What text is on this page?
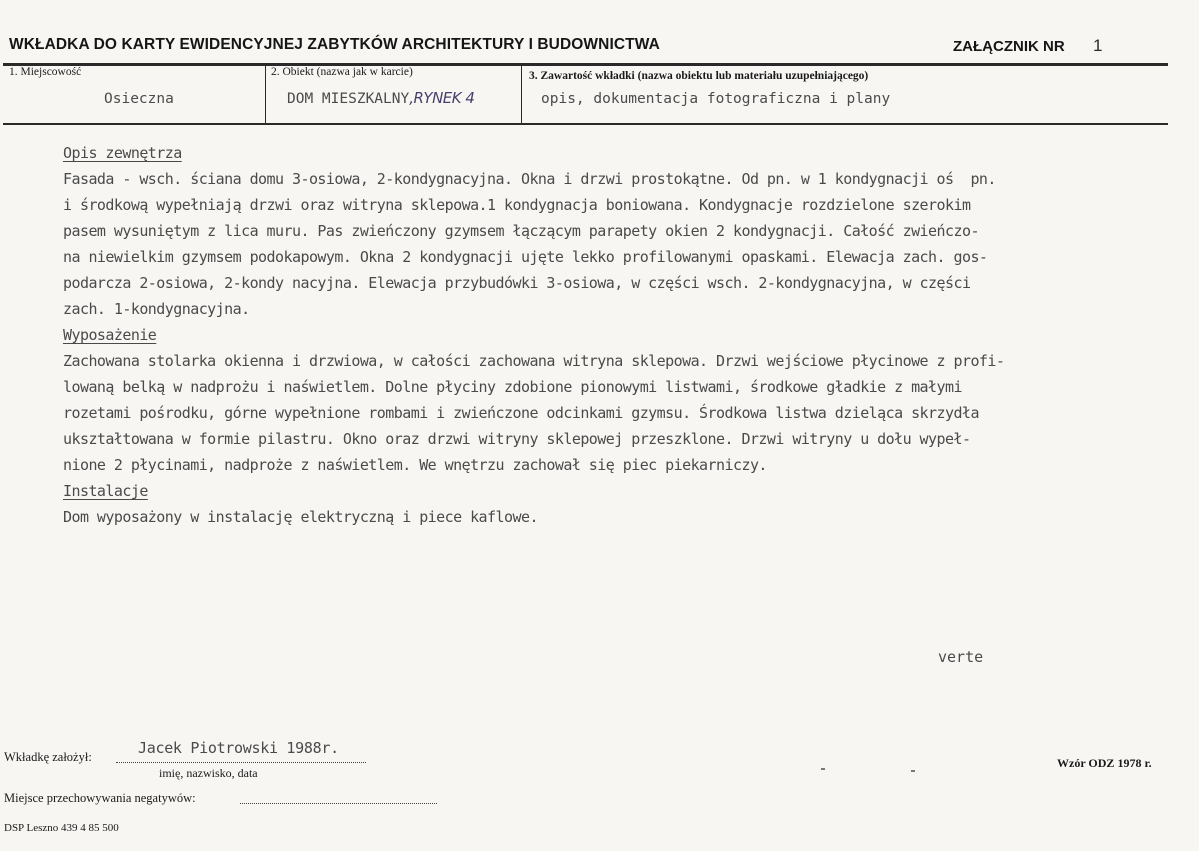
WKŁADKA DO KARTY EWIDENCYJNEJ ZABYTKÓW ARCHITEKTURY I BUDOWNICTWA	ZAŁĄCZNIK NR 1
1. Miejscowość
Osieczna
2. Obiekt (nazwa jak w karcie)
DOM MIESZKALNY,RYNEK 4
3. Zawartość wkładki (nazwa obiektu lub materiału uzupełniającego)
opis, dokumentacja fotograficzna i plany
Opis zewnętrza
Fasada - wsch. ściana domu 3-osiowa, 2-kondygnacyjna. Okna i drzwi prostokątne. Od pn. w 1 kondygnacji oś  pn.
i środkową wypełniają drzwi oraz witryna sklepowa.1 kondygnacja boniowana. Kondygnacje rozdzielone szerokim
pasem wysuniętym z lica muru. Pas zwieńczony gzymsem łączącym parapety okien 2 kondygnacji. Całość zwieńczo-
na niewielkim gzymsem podokapowym. Okna 2 kondygnacji ujęte lekko profilowanymi opaskami. Elewacja zach. gos-
podarcza 2-osiowa, 2-kondy nacyjna. Elewacja przybudówki 3-osiowa, w części wsch. 2-kondygnacyjna, w części
zach. 1-kondygnacyjna.
Wyposażenie
Zachowana stolarka okienna i drzwiowa, w całości zachowana witryna sklepowa. Drzwi wejściowe płycinowe z profi-
lowaną belką w nadprożu i naświetlem. Dolne płyciny zdobione pionowymi listwami, środkowe gładkie z małymi
rozetami pośrodku, górne wypełnione rombami i zwieńczone odcinkami gzymsu. Środkowa listwa dzieląca skrzydła
ukształtowana w formie pilastru. Okno oraz drzwi witryny sklepowej przeszklone. Drzwi witryny u dołu wypeł-
nione 2 płycinami, nadproże z naświetlem. We wnętrzu zachował się piec piekarniczy.
Instalacje
Dom wyposażony w instalację elektryczną i piece kaflowe.
verte
Wkładkę założył:	Jacek Piotrowski 1988r.
imię, nazwisko, data
Wzór ODZ 1978 r.
Miejsce przechowywania negatywów:
DSP Leszno 439 4 85 500
